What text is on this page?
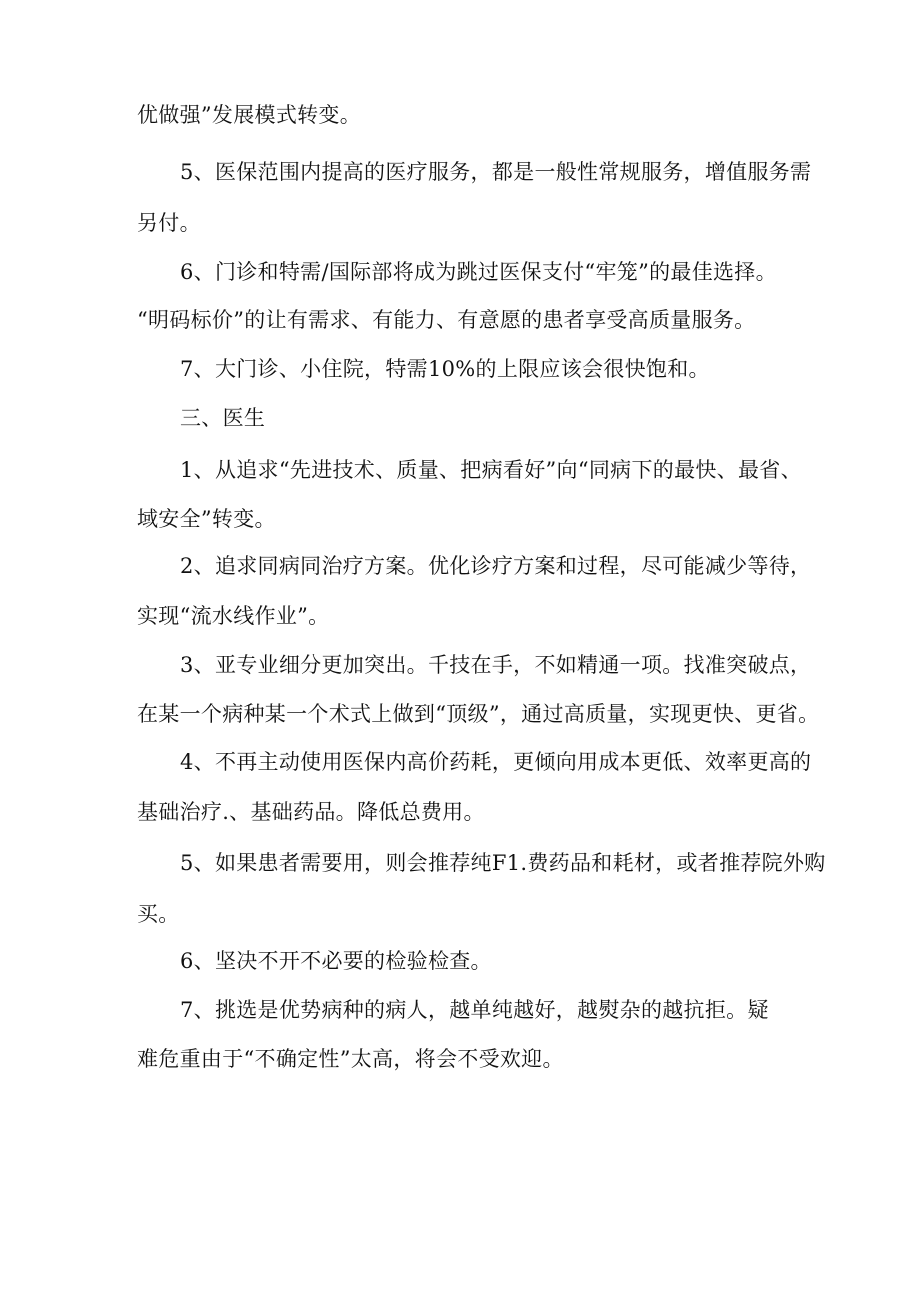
优做强”发展模式转变。
5、医保范围内提高的医疗服务，都是一般性常规服务，增值服务需
另付。
6、门诊和特需/国际部将成为跳过医保支付“牢笼”的最佳选择。
“明码标价”的让有需求、有能力、有意愿的患者享受高质量服务。
7、大门诊、小住院，特需10%的上限应该会很快饱和。
三、医生
1、从追求“先进技术、质量、把病看好”向“同病下的最快、最省、
域安全”转变。
2、追求同病同治疗方案。优化诊疗方案和过程，尽可能减少等待，
实现“流水线作业”。
3、亚专业细分更加突出。千技在手，不如精通一项。找准突破点，
在某一个病种某一个术式上做到“顶级”，通过高质量，实现更快、更省。
4、不再主动使用医保内高价药耗，更倾向用成本更低、效率更高的
基础治疗.、基础药品。降低总费用。
5、如果患者需要用，则会推荐纯F1.费药品和耗材，或者推荐院外购
买。
6、坚决不开不必要的检验检查。
7、挑选是优势病种的病人，越单纯越好，越熨杂的越抗拒。疑
难危重由于“不确定性”太高，将会不受欢迎。
